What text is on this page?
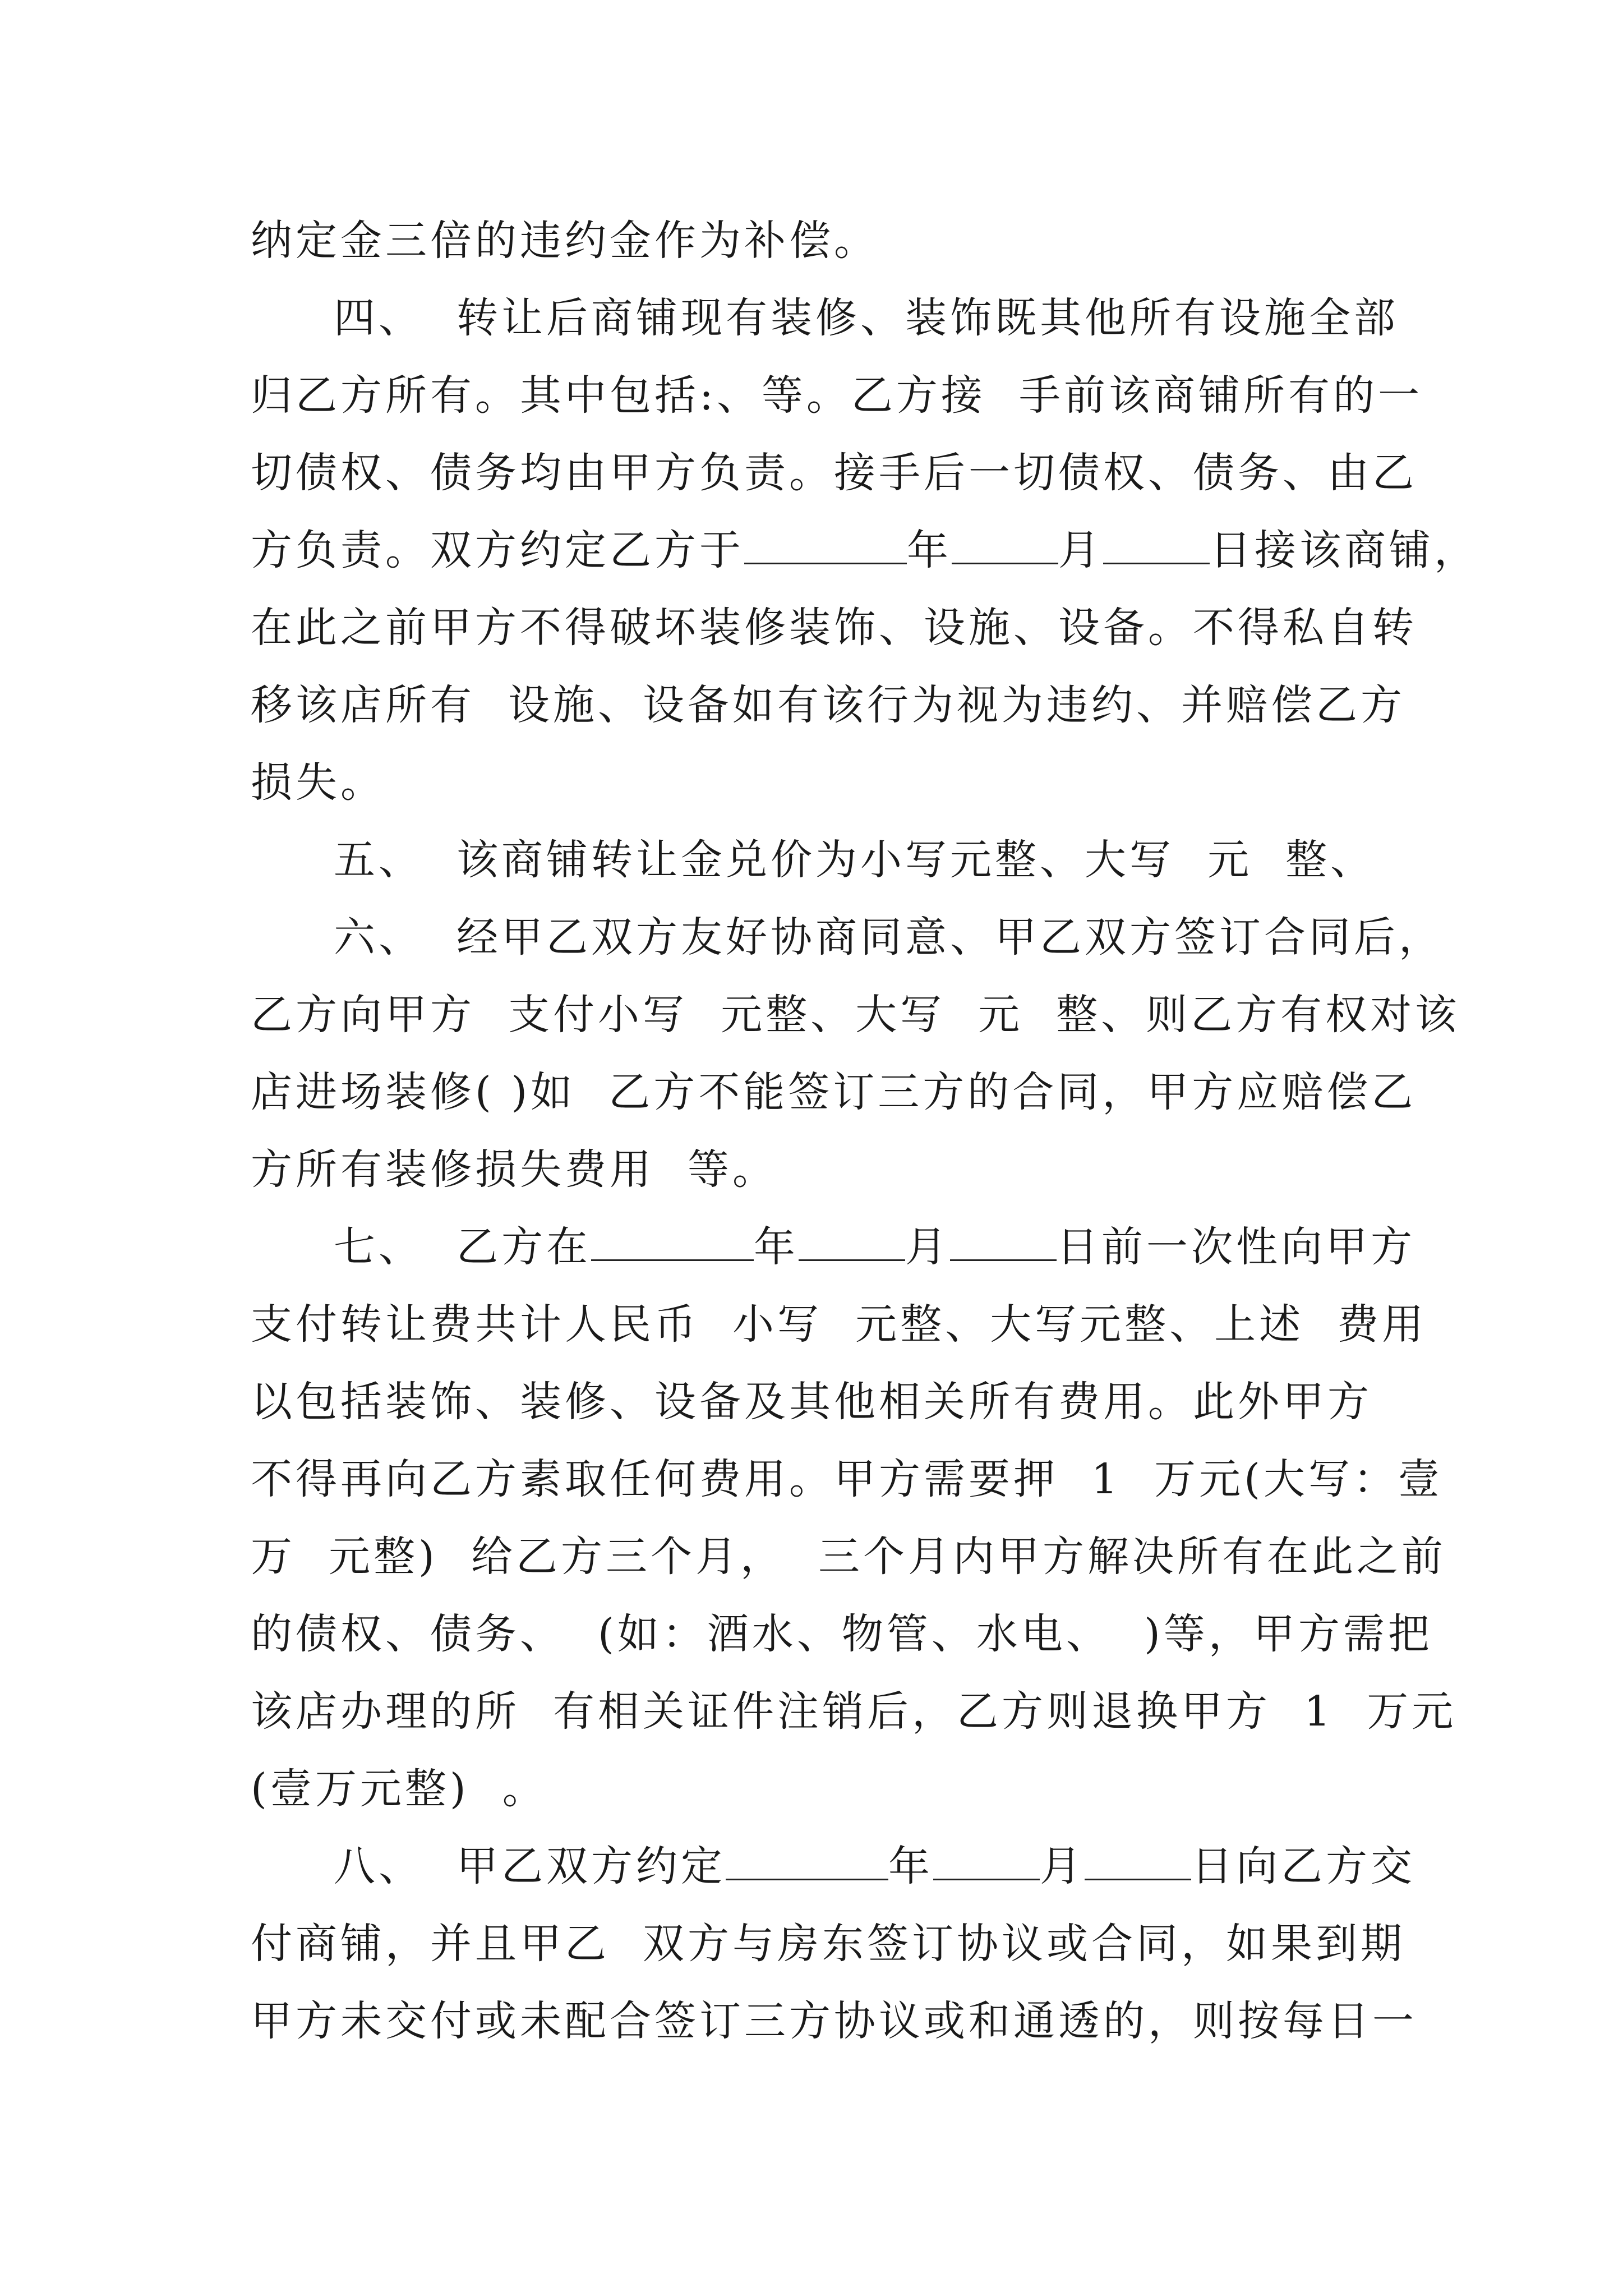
纳定金三倍的违约金作为补偿。
四、  转让后商铺现有装修、装饰既其他所有设施全部
归乙方所有。其中包括:、等。乙方接  手前该商铺所有的一
切债权、债务均由甲方负责。接手后一切债权、债务、由乙
方负责。双方约定乙方于	年	月	日接该商铺，
在此之前甲方不得破坏装修装饰、设施、设备。不得私自转
移该店所有  设施、设备如有该行为视为违约、并赔偿乙方
损失。
五、  该商铺转让金兑价为小写元整、大写  元  整、
六、  经甲乙双方友好协商同意、甲乙双方签订合同后，
乙方向甲方  支付小写  元整、大写  元  整、则乙方有权对该
店进场装修( )如  乙方不能签订三方的合同，甲方应赔偿乙
方所有装修损失费用  等。
七、  乙方在	年	月	日前一次性向甲方
支付转让费共计人民币  小写  元整、大写元整、上述  费用
以包括装饰、装修、设备及其他相关所有费用。此外甲方
不得再向乙方素取任何费用。甲方需要押  1  万元(大写：壹
万  元整)  给乙方三个月，  三个月内甲方解决所有在此之前
的债权、债务、  (如：酒水、物管、水电、  )等，甲方需把
该店办理的所  有相关证件注销后，乙方则退换甲方  1  万元
(壹万元整)  。
八、  甲乙双方约定	年	月	日向乙方交
付商铺，并且甲乙  双方与房东签订协议或合同，如果到期
甲方未交付或未配合签订三方协议或和通透的，则按每日一
